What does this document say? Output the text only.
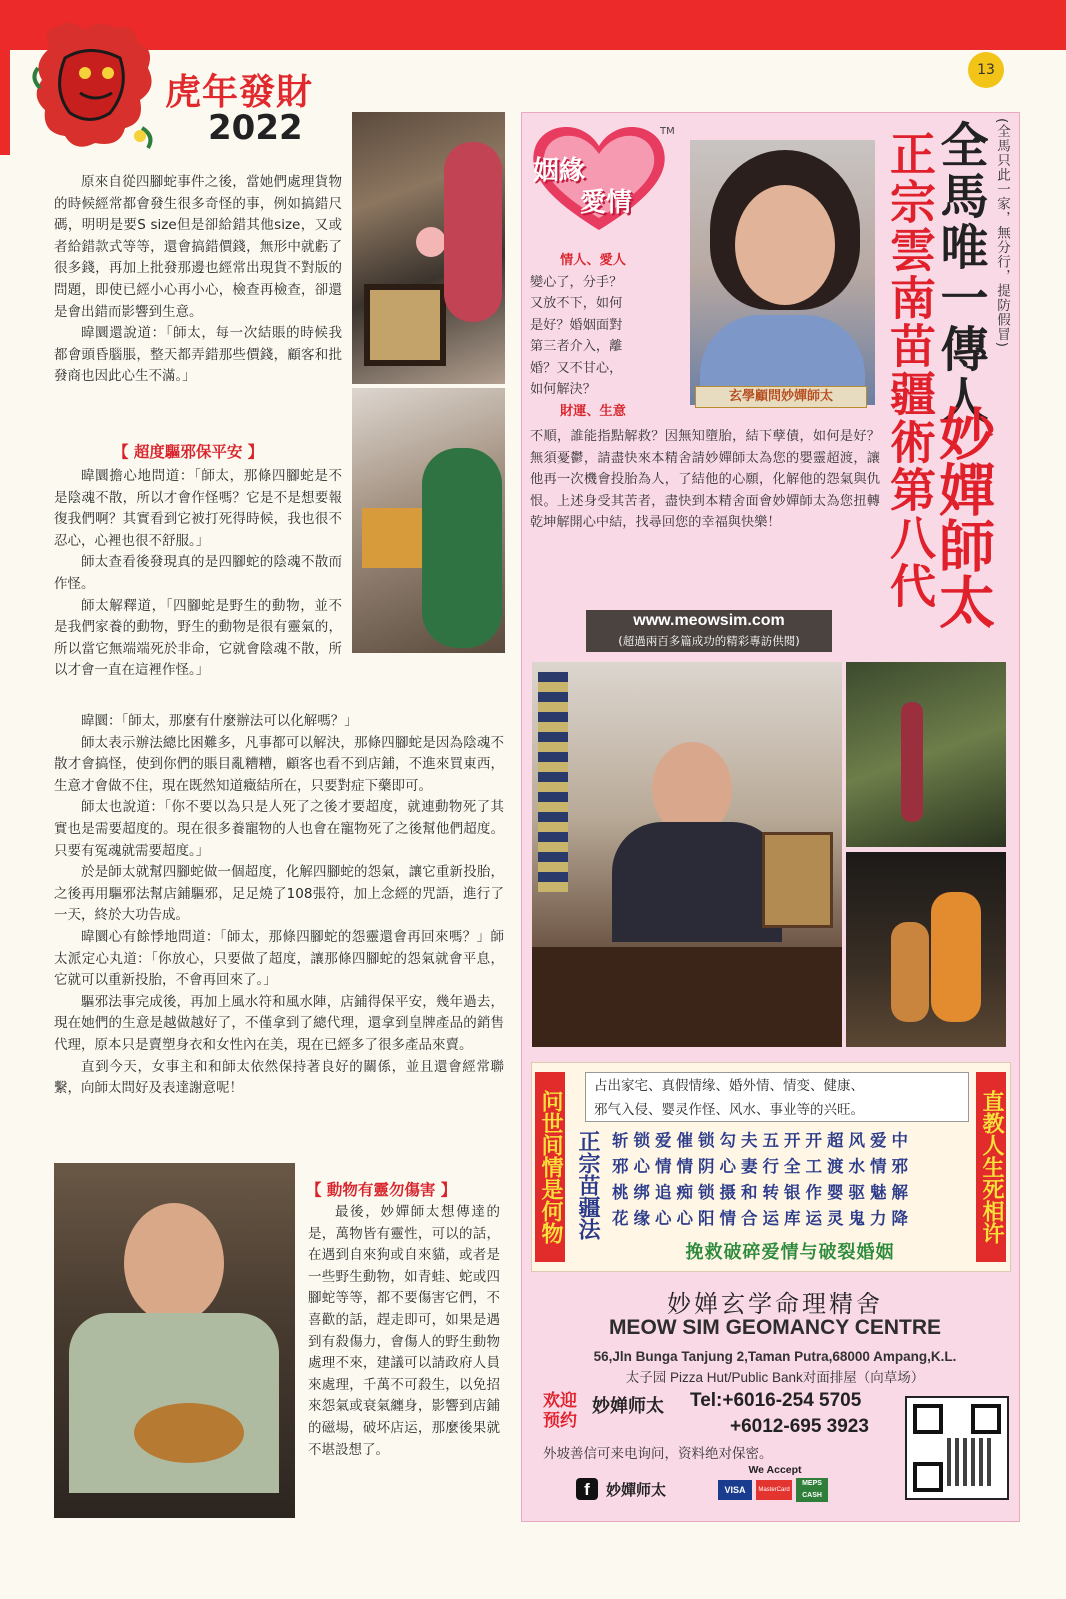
13
虎年發財
2022

原來自從四腳蛇事件之後，當她們處理貨物的時候經常都會發生很多奇怪的事，例如搞錯尺碼，明明是要S size但是卻給錯其他size，又或者給錯款式等等，還會搞錯價錢，無形中就虧了很多錢，再加上批發那邊也經常出現貨不對版的問題，即使已經小心再小心，檢查再檢查，卻還是會出錯而影響到生意。

暐圜還說道：「師太，每一次結賬的時候我都會頭昏腦脹，整天都弄錯那些價錢，顧客和批發商也因此心生不滿。」

【 超度驅邪保平安 】

暐圜擔心地問道：「師太，那條四腳蛇是不是陰魂不散，所以才會作怪嗎？它是不是想要報復我們啊？其實看到它被打死得時候，我也很不忍心，心裡也很不舒服。」

師太查看後發現真的是四腳蛇的陰魂不散而作怪。

師太解釋道，「四腳蛇是野生的動物，並不是我們家養的動物，野生的動物是很有靈氣的，所以當它無端端死於非命，它就會陰魂不散，所以才會一直在這裡作怪。」

暐圜：「師太，那麼有什麼辦法可以化解嗎？」

師太表示辦法總比困難多，凡事都可以解決，那條四腳蛇是因為陰魂不散才會搞怪，使到你們的賬目亂糟糟，顧客也看不到店鋪，不進來買東西，生意才會做不住，現在既然知道癥結所在，只要對症下藥即可。

師太也說道：「你不要以為只是人死了之後才要超度，就連動物死了其實也是需要超度的。現在很多養寵物的人也會在寵物死了之後幫他們超度。只要有冤魂就需要超度。」

於是師太就幫四腳蛇做一個超度，化解四腳蛇的怨氣，讓它重新投胎，之後再用驅邪法幫店鋪驅邪，足足燒了108張符，加上念經的咒語，進行了一天，終於大功告成。

暐圜心有餘悸地問道：「師太，那條四腳蛇的怨靈還會再回來嗎？」師太派定心丸道：「你放心，只要做了超度，讓那條四腳蛇的怨氣就會平息，它就可以重新投胎，不會再回來了。」

驅邪法事完成後，再加上風水符和風水陣，店鋪得保平安，幾年過去，現在她們的生意是越做越好了，不僅拿到了總代理，還拿到皇牌產品的銷售代理，原本只是賣塑身衣和女性內在美，現在已經多了很多產品來賣。

直到今天，女事主和和師太依然保持著良好的關係，並且還會經常聯繫，向師太問好及表達謝意呢！

【 動物有靈勿傷害 】

最後，妙嬋師太想傳達的是，萬物皆有靈性，可以的話，在遇到自來狗或自來貓，或者是一些野生動物，如青蛙、蛇或四腳蛇等等，都不要傷害它們，不喜歡的話，趕走即可，如果是遇到有殺傷力，會傷人的野生動物處理不來，建議可以請政府人員來處理，千萬不可殺生，以免招來怨氣或衰氣纏身，影響到店鋪的磁場，破坏店运，那麼後果就不堪設想了。

姻緣
愛情
TM
玄學顧問妙嬋師太
(全馬只此一家，無分行，提防假冒)
全馬唯一傳人
妙嬋師太
正宗雲南苗疆術第八代
情人、愛人
變心了，分手？
又放不下，如何
是好？婚姻面對
第三者介入，離
婚？又不甘心，
如何解決？
財運、生意
不順，誰能指點解救？因無知墮胎，結下孽債，如何是好？無須憂鬱，請盡快來本精舍請妙嬋師太為您的嬰靈超渡，讓他再一次機會投胎為人，了結他的心願，化解他的怨氣與仇恨。上述身受其苦者，盡快到本精舍面會妙嬋師太為您扭轉乾坤解開心中結，找尋回您的幸福與快樂！
www.meowsim.com
(超過兩百多篇成功的精彩專訪供閱)
问世间情是何物	直教人生死相许
占出家宅、真假情缘、婚外情、情变、健康、
邪气入侵、婴灵作怪、风水、事业等的兴旺。
正宗苗疆法 斩锁爱催锁勾夫五开开超风爱中
邪心情情阴心妻行全工渡水情邪
桃绑追痴锁摄和转银作婴驱魅解
花缘心心阳情合运库运灵鬼力降
挽救破碎爱情与破裂婚姻
妙婵玄学命理精舍
MEOW SIM GEOMANCY CENTRE
56,Jln Bunga Tanjung 2,Taman Putra,68000 Ampang,K.L.
太子园 Pizza Hut/Public Bank对面排屋（向草场）
欢迎
预约
妙婵师太 Tel:+6016-254 5705
+6012-695 3923
外坡善信可来电询问，资料绝对保密。
f	妙嬋师太
We Accept
VISA	MasterCard
MEPS CASH
